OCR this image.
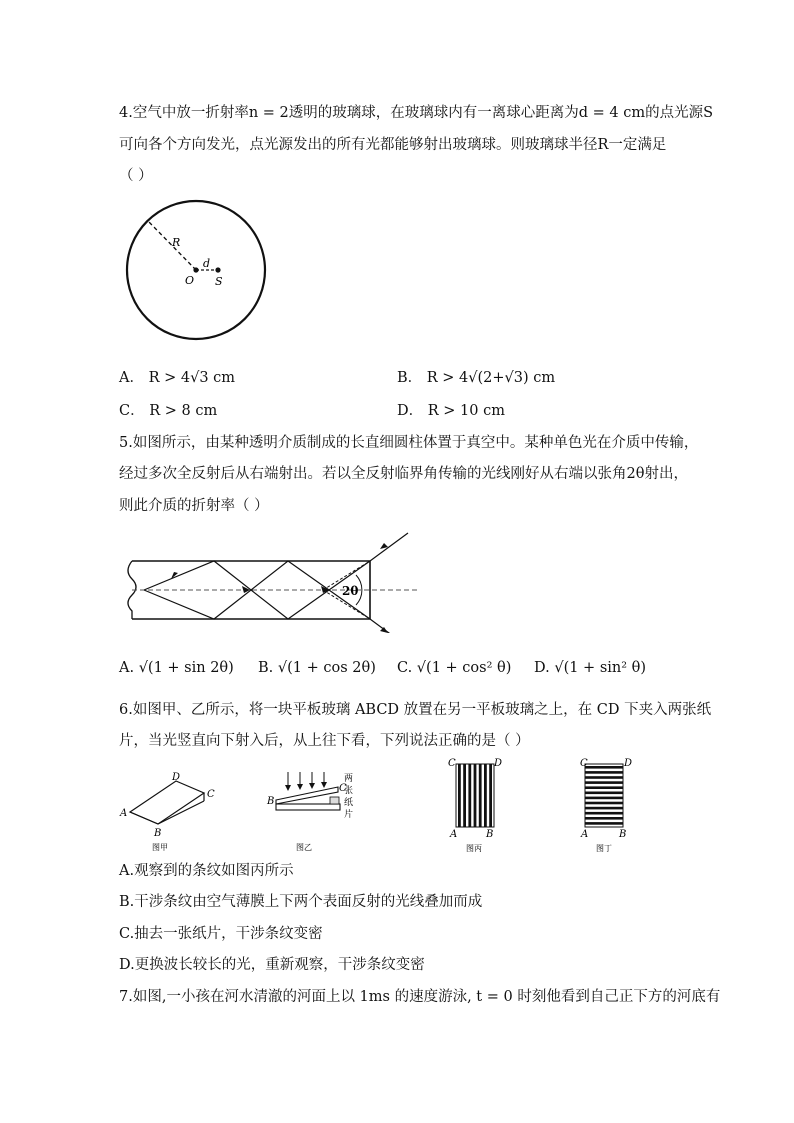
4.空气中放一折射率n = 2透明的玻璃球，在玻璃球内有一离球心距离为d = 4 cm的点光源S
可向各个方向发光，点光源发出的所有光都能够射出玻璃球。则玻璃球半径R一定满足
（ ）
R
O
d
S
A． R > 4√3 cm	B． R > 4√(2+√3) cm
C． R > 8 cm	D． R > 10 cm
5.如图所示，由某种透明介质制成的长直细圆柱体置于真空中。某种单色光在介质中传输，
经过多次全反射后从右端射出。若以全反射临界角传输的光线刚好从右端以张角2θ射出，
则此介质的折射率（ ）
2θ
A. √(1 + sin 2θ) B. √(1 + cos 2θ) C. √(1 + cos² θ) D. √(1 + sin² θ)
6.如图甲、乙所示，将一块平板玻璃 ABCD 放置在另一平板玻璃之上，在 CD 下夹入两张纸
片，当光竖直向下射入后，从上往下看，下列说法正确的是（ ）
A
B
C
D
图甲
B
C
两
张
纸
片
图乙
C	D
A	B
图丙
C	D
A	B
图丁
A.观察到的条纹如图丙所示
B.干涉条纹由空气薄膜上下两个表面反射的光线叠加而成
C.抽去一张纸片，干涉条纹变密
D.更换波长较长的光，重新观察，干涉条纹变密
7.如图,一小孩在河水清澈的河面上以 1ms 的速度游泳, t = 0 时刻他看到自己正下方的河底有
